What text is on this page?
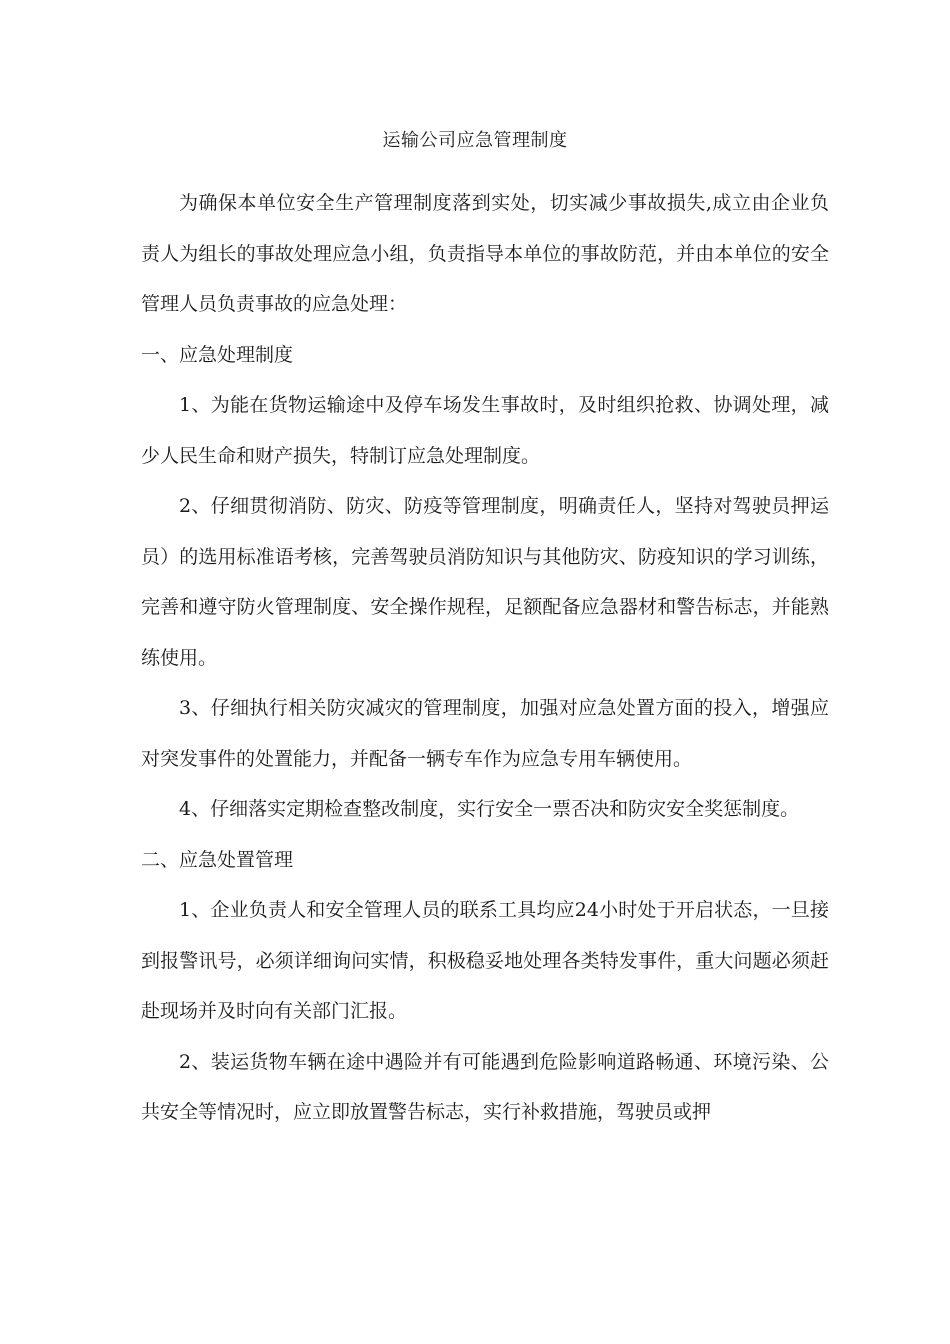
运输公司应急管理制度

为确保本单位安全生产管理制度落到实处，切实减少事故损失,成立由企业负责人为组长的事故处理应急小组，负责指导本单位的事故防范，并由本单位的安全管理人员负责事故的应急处理：

一、应急处理制度

1、为能在货物运输途中及停车场发生事故时，及时组织抢救、协调处理，减少人民生命和财产损失，特制订应急处理制度。

2、仔细贯彻消防、防灾、防疫等管理制度，明确责任人，坚持对驾驶员押运员）的选用标准语考核，完善驾驶员消防知识与其他防灾、防疫知识的学习训练，完善和遵守防火管理制度、安全操作规程，足额配备应急器材和警告标志，并能熟练使用。

3、仔细执行相关防灾减灾的管理制度，加强对应急处置方面的投入，增强应对突发事件的处置能力，并配备一辆专车作为应急专用车辆使用。

4、仔细落实定期检查整改制度，实行安全一票否决和防灾安全奖惩制度。

二、应急处置管理

1、企业负责人和安全管理人员的联系工具均应24小时处于开启状态，一旦接到报警讯号，必须详细询问实情，积极稳妥地处理各类特发事件，重大问题必须赶赴现场并及时向有关部门汇报。

2、装运货物车辆在途中遇险并有可能遇到危险影响道路畅通、环境污染、公共安全等情况时，应立即放置警告标志，实行补救措施，驾驶员或押
